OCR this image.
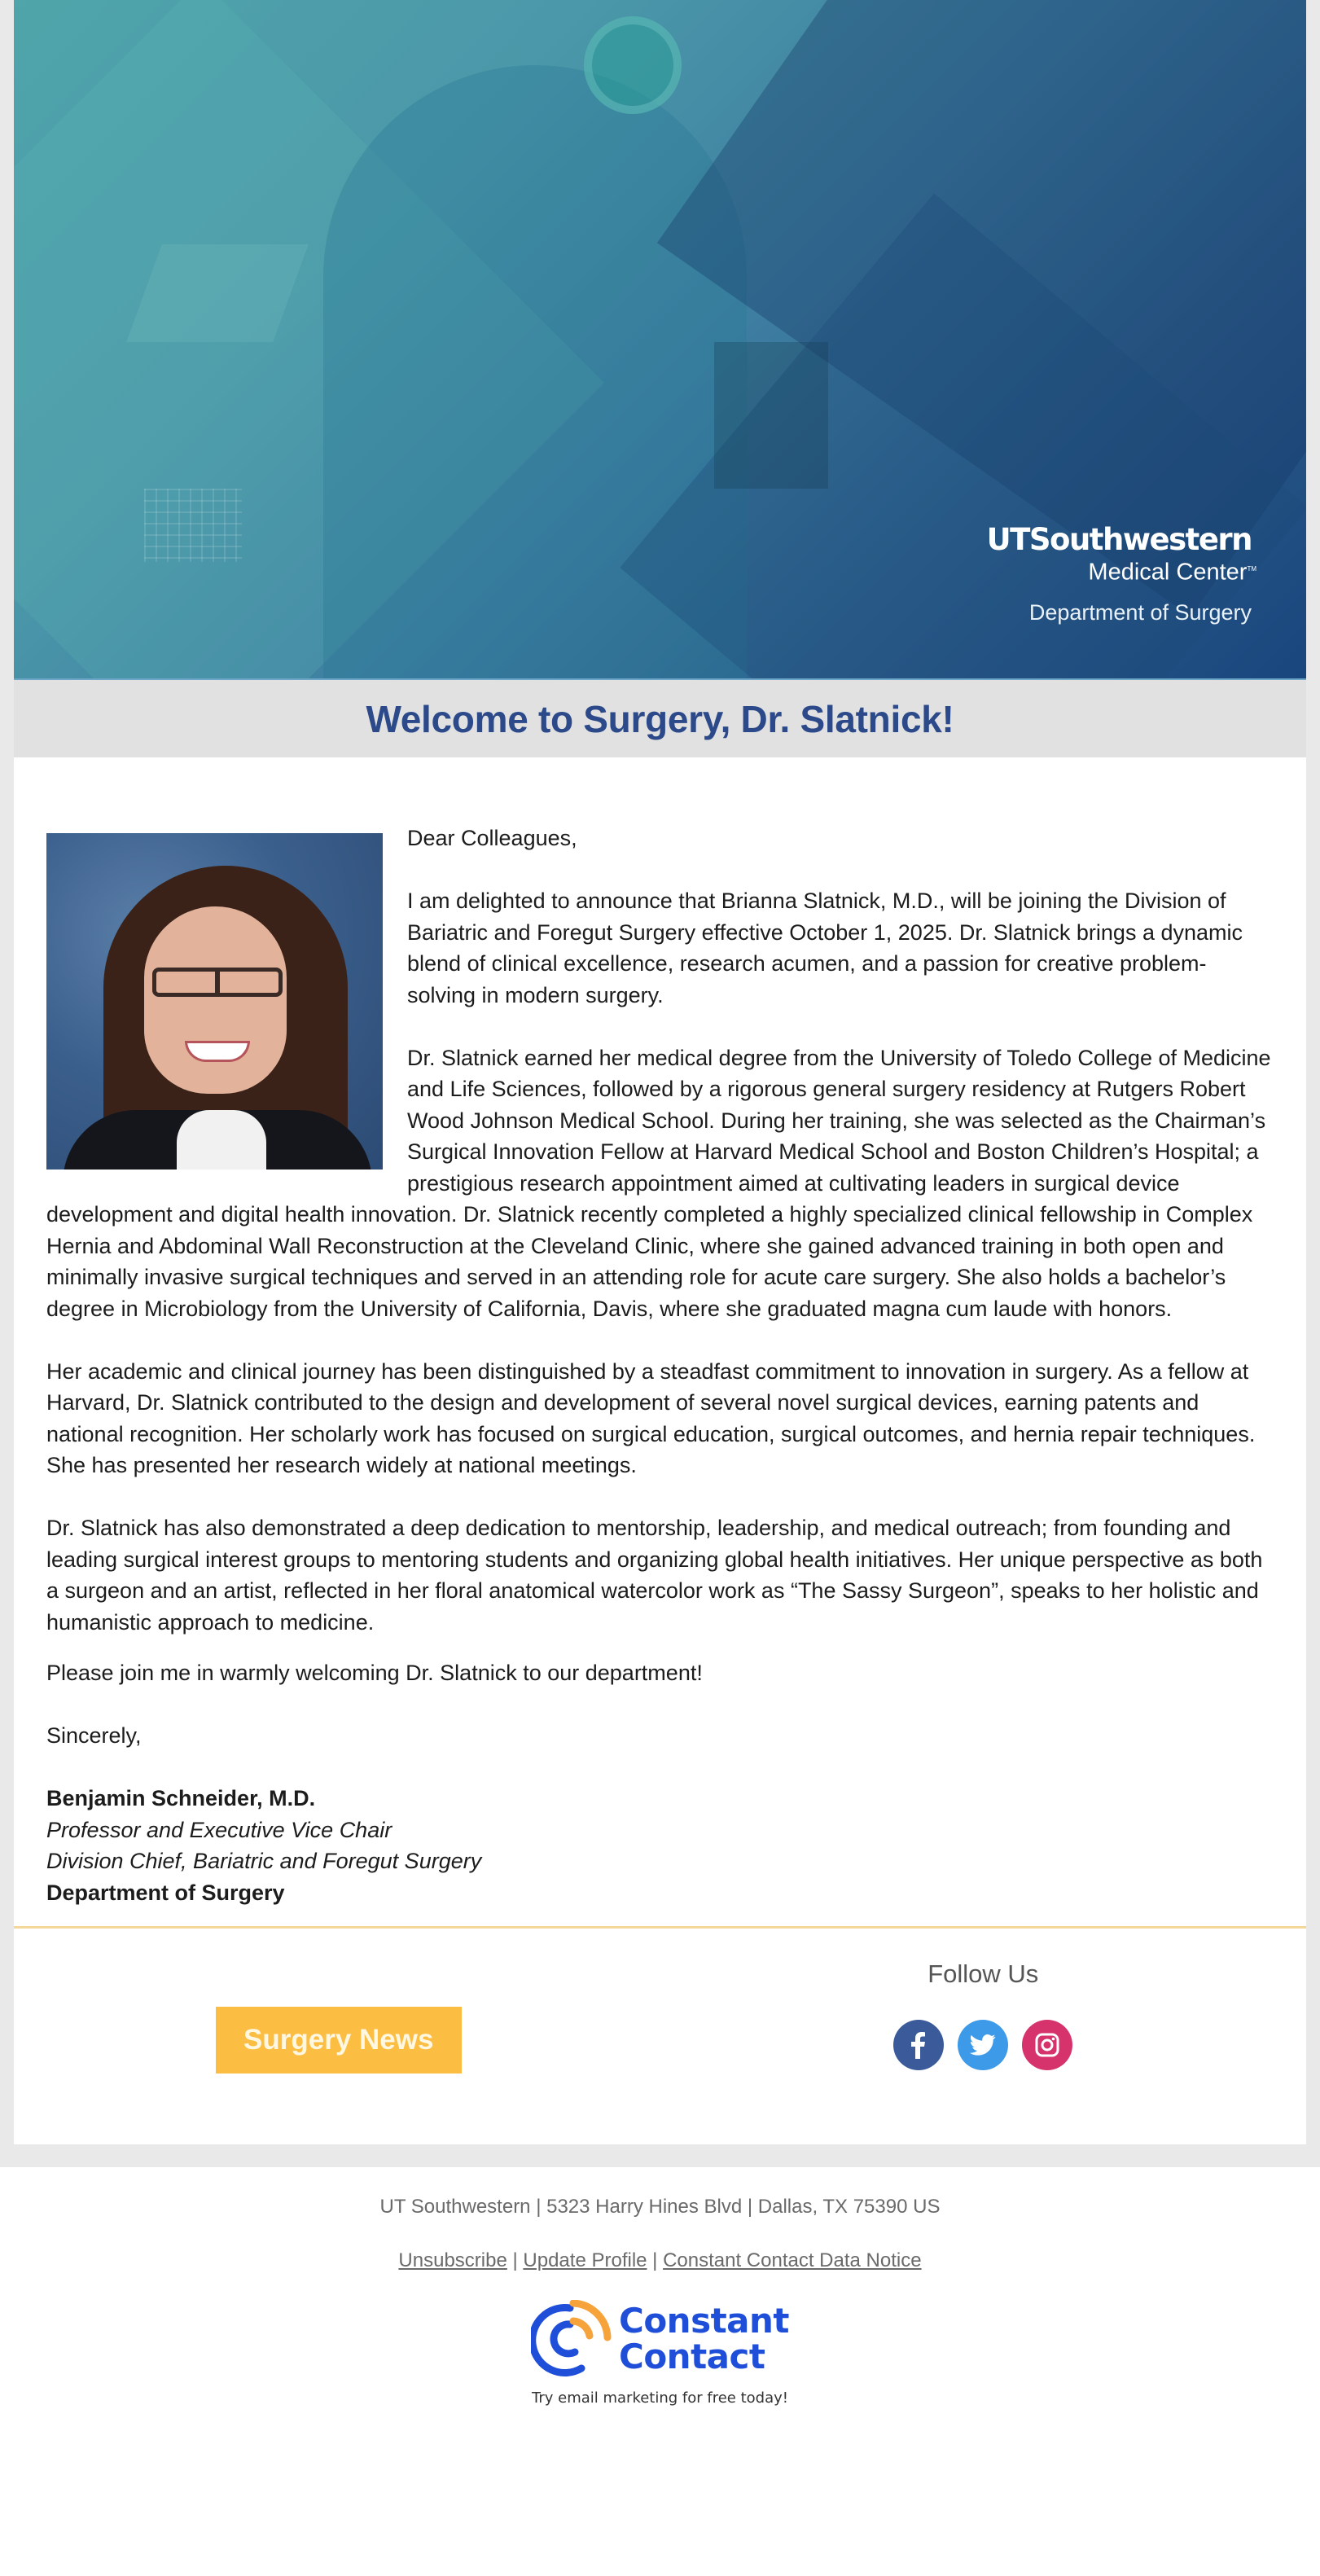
UTSouthwestern
Medical Center™
Department of Surgery
Welcome to Surgery, Dr. Slatnick!

Dear Colleagues,

I am delighted to announce that Brianna Slatnick, M.D., will be joining the Division of Bariatric and Foregut Surgery effective October 1, 2025. Dr. Slatnick brings a dynamic blend of clinical excellence, research acumen, and a passion for creative problem-solving in modern surgery.

Dr. Slatnick earned her medical degree from the University of Toledo College of Medicine and Life Sciences, followed by a rigorous general surgery residency at Rutgers Robert Wood Johnson Medical School. During her training, she was selected as the Chairman’s Surgical Innovation Fellow at Harvard Medical School and Boston Children’s Hospital; a prestigious research appointment aimed at cultivating leaders in surgical device development and digital health innovation. Dr. Slatnick recently completed a highly specialized clinical fellowship in Complex Hernia and Abdominal Wall Reconstruction at the Cleveland Clinic, where she gained advanced training in both open and minimally invasive surgical techniques and served in an attending role for acute care surgery. She also holds a bachelor’s degree in Microbiology from the University of California, Davis, where she graduated magna cum laude with honors.

Her academic and clinical journey has been distinguished by a steadfast commitment to innovation in surgery. As a fellow at Harvard, Dr. Slatnick contributed to the design and development of several novel surgical devices, earning patents and national recognition. Her scholarly work has focused on surgical education, surgical outcomes, and hernia repair techniques. She has presented her research widely at national meetings.

Dr. Slatnick has also demonstrated a deep dedication to mentorship, leadership, and medical outreach; from founding and leading surgical interest groups to mentoring students and organizing global health initiatives. Her unique perspective as both a surgeon and an artist, reflected in her floral anatomical watercolor work as “The Sassy Surgeon”, speaks to her holistic and humanistic approach to medicine.

Please join me in warmly welcoming Dr. Slatnick to our department!

Sincerely,

Benjamin Schneider, M.D.
Professor and Executive Vice Chair
Division Chief, Bariatric and Foregut Surgery
Department of Surgery
Surgery News
Follow Us
UT Southwestern | 5323 Harry Hines Blvd | Dallas, TX 75390 US
Unsubscribe | Update Profile | Constant Contact Data Notice
Constant
Contact
Try email marketing for free today!
